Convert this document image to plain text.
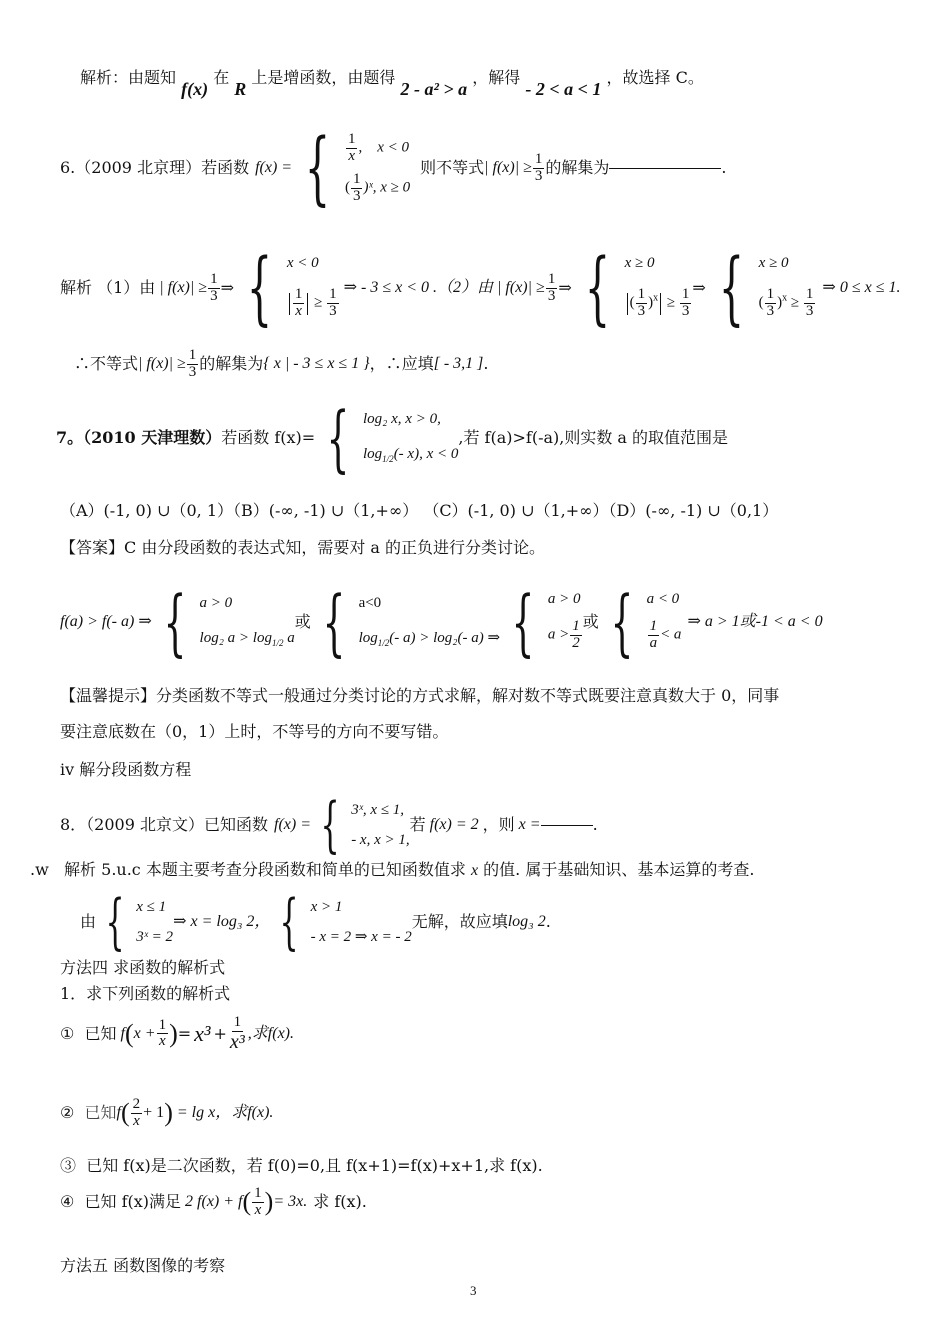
解析：由题知 f(x) 在 R 上是增函数，由题得 2 - a² > a ，解得 - 2 < a < 1 ，故选择 C。
6.（2009 北京理）若函数 f(x) = { $\frac{1}{x}$ ,    x < 0
( $\frac{1}{3}$ )ˣ, x ≥ 0
则不等式 | $f(x)| \ge \frac{1}{3}$ 的解集为	.
解析 （1）由 | $f(x)| \ge \frac{1}{3}$ ⇒ { x < 0
$\frac{1}{x} \ge \frac{1}{3}$ ⇒ - 3 ≤ x < 0 .（2）由 | $f(x)| \ge \frac{1}{3}$ ⇒ { x ≥ 0
( $\frac{1}{3} )^x \ge \frac{1}{3}$ ⇒ { x ≥ 0
( $\frac{1}{3} )^x \ge \frac{1}{3}$ ⇒ 0 ≤ x ≤ 1.
∴不等式 | $f(x)| \ge \frac{1}{3}$ 的解集为 { x | - 3 ≤ x ≤ 1 } ，∴应填 [ - 3,1 ] .
7。（2010 天津理数） 若函数 f(x)= { log₂ x, x > 0,
$\log_{1/2}(-$ x), x < 0
,若 f(a)>f(-a),则实数 a 的取值范围是
（A）(-1, 0) ∪（0, 1）（B）(-∞, -1) ∪（1,+∞） （C）(-1, 0) ∪（1,+∞）（D）(-∞, -1) ∪（0,1）
【答案】C 由分段函数的表达式知，需要对 a 的正负进行分类讨论。
f(a) > f(- a) ⇒ { a > 0
log₂ $a > \log_{1/2} a$
或 { a<0
$\log_{1/2}(-$ a) > log₂(- a) ⇒ { a > 0
$a > \frac{1}{2}$ 或 { a < 0
$\frac{1}{a} < a$
⇒ a > 1或-1 < a < 0
【温馨提示】分类函数不等式一般通过分类讨论的方式求解，解对数不等式既要注意真数大于 0，同事
要注意底数在（0，1）上时，不等号的方向不要写错。
ⅳ 解分段函数方程
8．（2009 北京文）已知函数 f(x) = { 3ˣ, x ≤ 1,
- x, x > 1,
若 f(x) = 2 ，则 x =	.
.w 解析 5.u.c 本题主要考查分段函数和简单的已知函数值求 x 的值. 属于基础知识、基本运算的考查.
由 { x ≤ 1
3ˣ = 2
⇒ x = log₃ 2， { x > 1
- x = 2 ⇒ x = - 2
无解，故应填 log₃ 2 .
方法四 求函数的解析式
1．求下列函数的解析式
①
已知 f ( $x + \frac{1}{x}$ ) = $x^3 + \frac{1}{\text{x³}}$ ,求f(x).
②
已知 f ( $\frac{2}{x} + 1$ ) = lg x，求f(x).
③ 已知 f(x)是二次函数，若 f(0)=0,且 f(x+1)=f(x)+x+1,求 f(x).
④
已知 f(x)满足 2 f(x) + f ( $\frac{1}{x}$ ) = 3x. 求 f(x).
方法五 函数图像的考察
3
